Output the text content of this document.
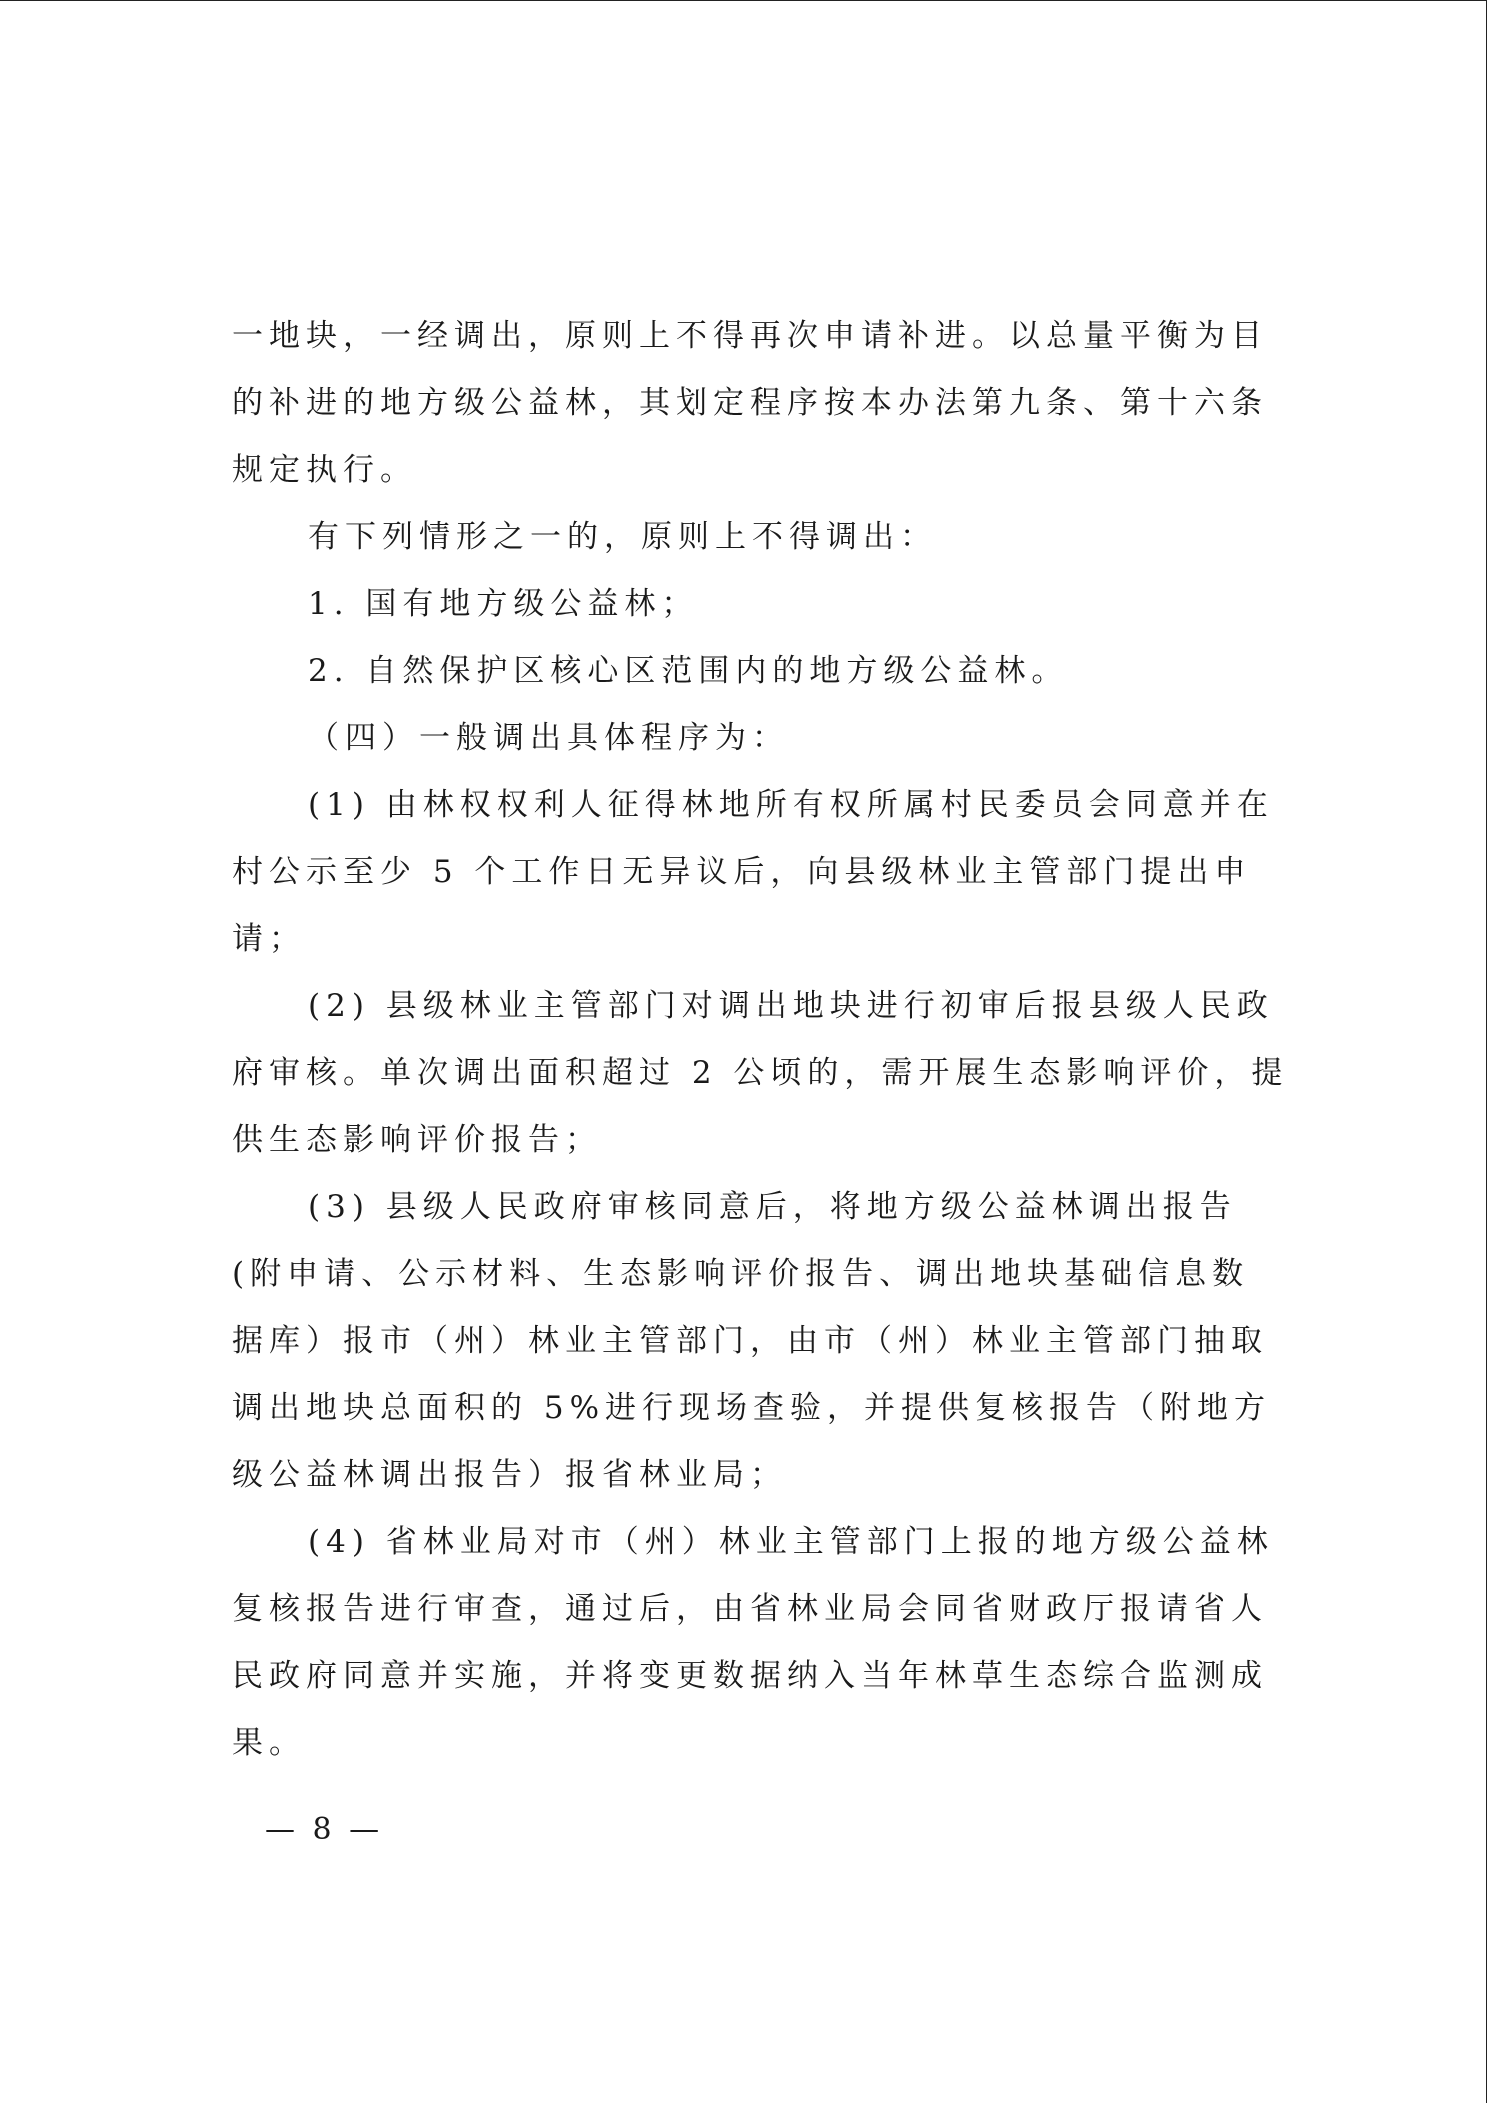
一地块，一经调出，原则上不得再次申请补进。以总量平衡为目
的补进的地方级公益林，其划定程序按本办法第九条、第十六条
规定执行。
有下列情形之一的，原则上不得调出：
1. 国有地方级公益林；
2. 自然保护区核心区范围内的地方级公益林。
（四）一般调出具体程序为：
(1) 由林权权利人征得林地所有权所属村民委员会同意并在
村公示至少 5 个工作日无异议后，向县级林业主管部门提出申
请；
(2) 县级林业主管部门对调出地块进行初审后报县级人民政
府审核。单次调出面积超过 2 公顷的，需开展生态影响评价，提
供生态影响评价报告；
(3) 县级人民政府审核同意后，将地方级公益林调出报告
(附申请、公示材料、生态影响评价报告、调出地块基础信息数
据库）报市（州）林业主管部门，由市（州）林业主管部门抽取
调出地块总面积的 5%进行现场查验，并提供复核报告（附地方
级公益林调出报告）报省林业局；
(4) 省林业局对市（州）林业主管部门上报的地方级公益林
复核报告进行审查，通过后，由省林业局会同省财政厅报请省人
民政府同意并实施，并将变更数据纳入当年林草生态综合监测成
果。
— 8 —
